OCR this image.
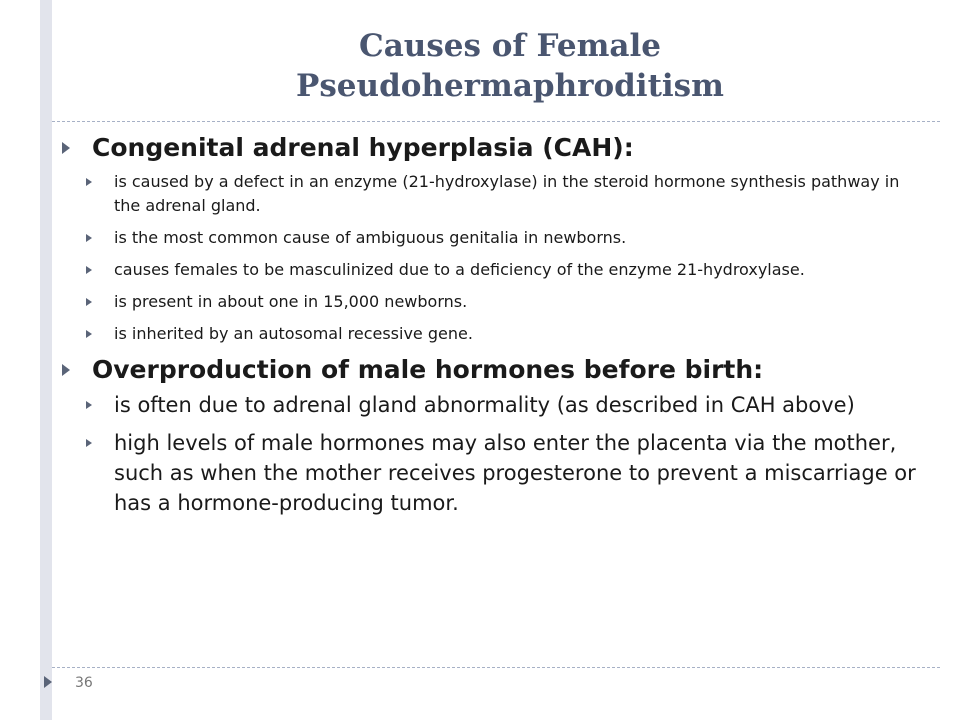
Causes of Female
Pseudohermaphroditism

Congenital adrenal hyperplasia (CAH):

is caused by a defect in an enzyme (21-hydroxylase) in the steroid hormone synthesis pathway in the adrenal gland.
is the most common cause of ambiguous genitalia in newborns.
causes females to be masculinized due to a deficiency of the enzyme 21-hydroxylase.
is present in about one in 15,000 newborns.
is inherited by an autosomal recessive gene.

Overproduction of male hormones before birth:

is often due to adrenal gland abnormality (as described in CAH above)
high levels of male hormones may also enter the placenta via the mother, such as when the mother receives progesterone to prevent a miscarriage or has a hormone-producing tumor.
36
